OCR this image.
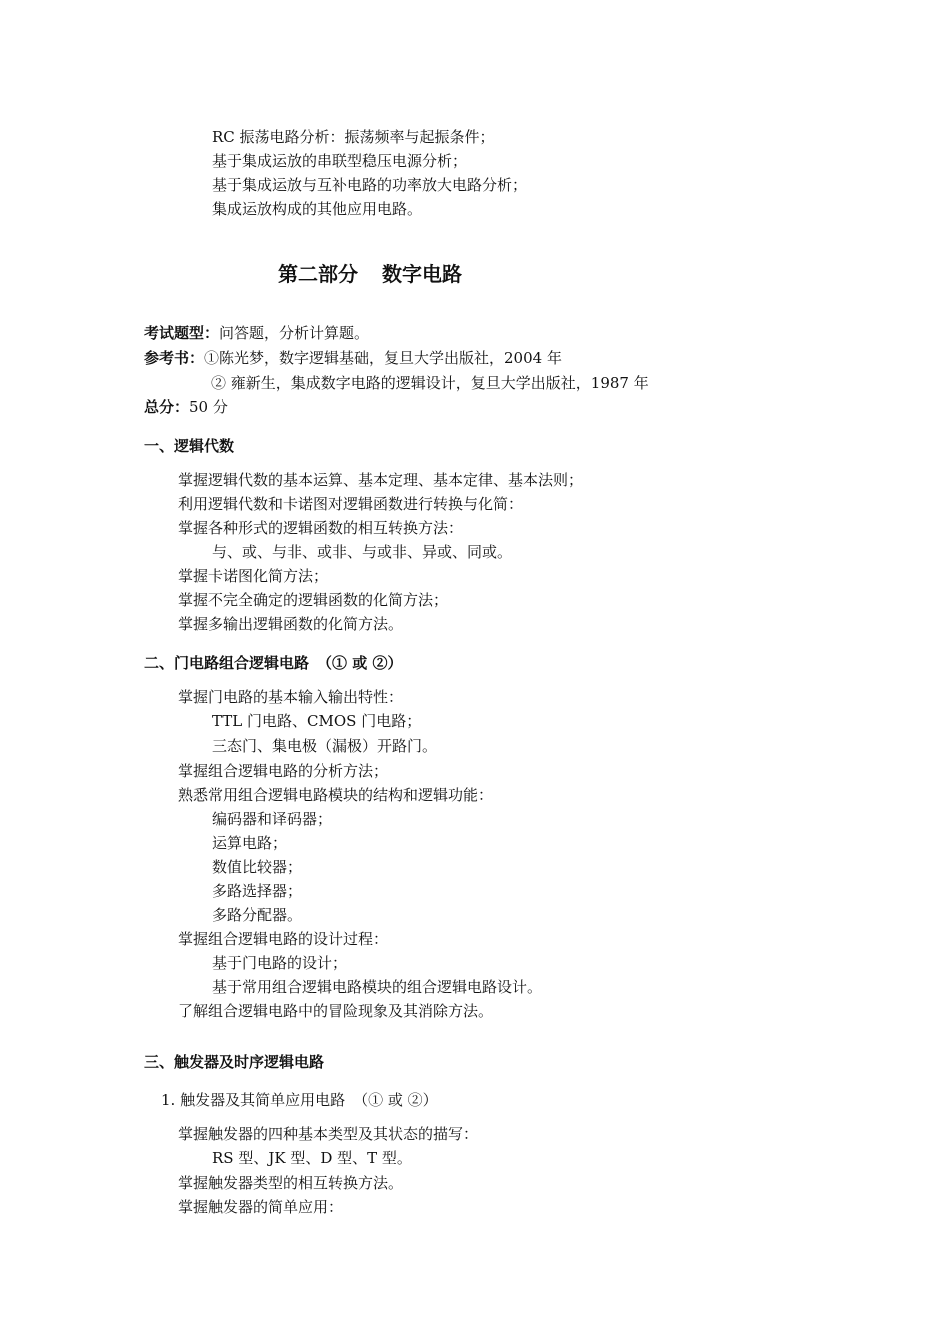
RC 振荡电路分析：振荡频率与起振条件；
基于集成运放的串联型稳压电源分析；
基于集成运放与互补电路的功率放大电路分析；
集成运放构成的其他应用电路。
第二部分 数字电路
考试题型：问答题，分析计算题。
参考书：①陈光梦，数字逻辑基础，复旦大学出版社，2004 年
② 雍新生，集成数字电路的逻辑设计，复旦大学出版社，1987 年
总分：50 分
一、逻辑代数
掌握逻辑代数的基本运算、基本定理、基本定律、基本法则；
利用逻辑代数和卡诺图对逻辑函数进行转换与化简：
掌握各种形式的逻辑函数的相互转换方法：
与、或、与非、或非、与或非、异或、同或。
掌握卡诺图化简方法；
掌握不完全确定的逻辑函数的化简方法；
掌握多输出逻辑函数的化简方法。
二、门电路组合逻辑电路 （① 或 ②）
掌握门电路的基本输入输出特性：
TTL 门电路、CMOS 门电路；
三态门、集电极（漏极）开路门。
掌握组合逻辑电路的分析方法；
熟悉常用组合逻辑电路模块的结构和逻辑功能：
编码器和译码器；
运算电路；
数值比较器；
多路选择器；
多路分配器。
掌握组合逻辑电路的设计过程：
基于门电路的设计；
基于常用组合逻辑电路模块的组合逻辑电路设计。
了解组合逻辑电路中的冒险现象及其消除方法。
三、触发器及时序逻辑电路
1. 触发器及其简单应用电路 （① 或 ②）
掌握触发器的四种基本类型及其状态的描写：
RS 型、JK 型、D 型、T 型。
掌握触发器类型的相互转换方法。
掌握触发器的简单应用：
